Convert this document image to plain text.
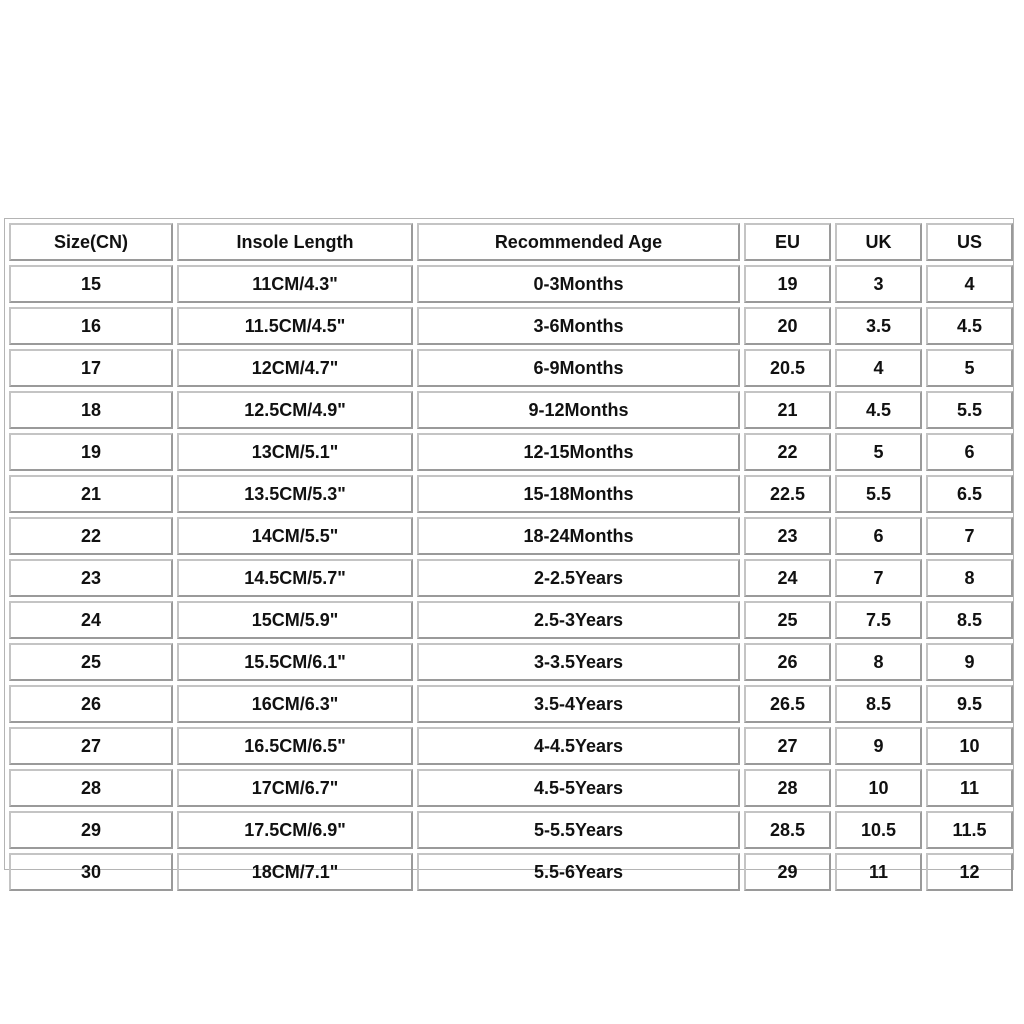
Size(CN)	Insole Length	Recommended Age	EU	UK	US
15	11CM/4.3"	0-3Months	19	3	4
16	11.5CM/4.5"	3-6Months	20	3.5	4.5
17	12CM/4.7"	6-9Months	20.5	4	5
18	12.5CM/4.9"	9-12Months	21	4.5	5.5
19	13CM/5.1"	12-15Months	22	5	6
21	13.5CM/5.3"	15-18Months	22.5	5.5	6.5
22	14CM/5.5"	18-24Months	23	6	7
23	14.5CM/5.7"	2-2.5Years	24	7	8
24	15CM/5.9"	2.5-3Years	25	7.5	8.5
25	15.5CM/6.1"	3-3.5Years	26	8	9
26	16CM/6.3"	3.5-4Years	26.5	8.5	9.5
27	16.5CM/6.5"	4-4.5Years	27	9	10
28	17CM/6.7"	4.5-5Years	28	10	11
29	17.5CM/6.9"	5-5.5Years	28.5	10.5	11.5
30	18CM/7.1"	5.5-6Years	29	11	12
